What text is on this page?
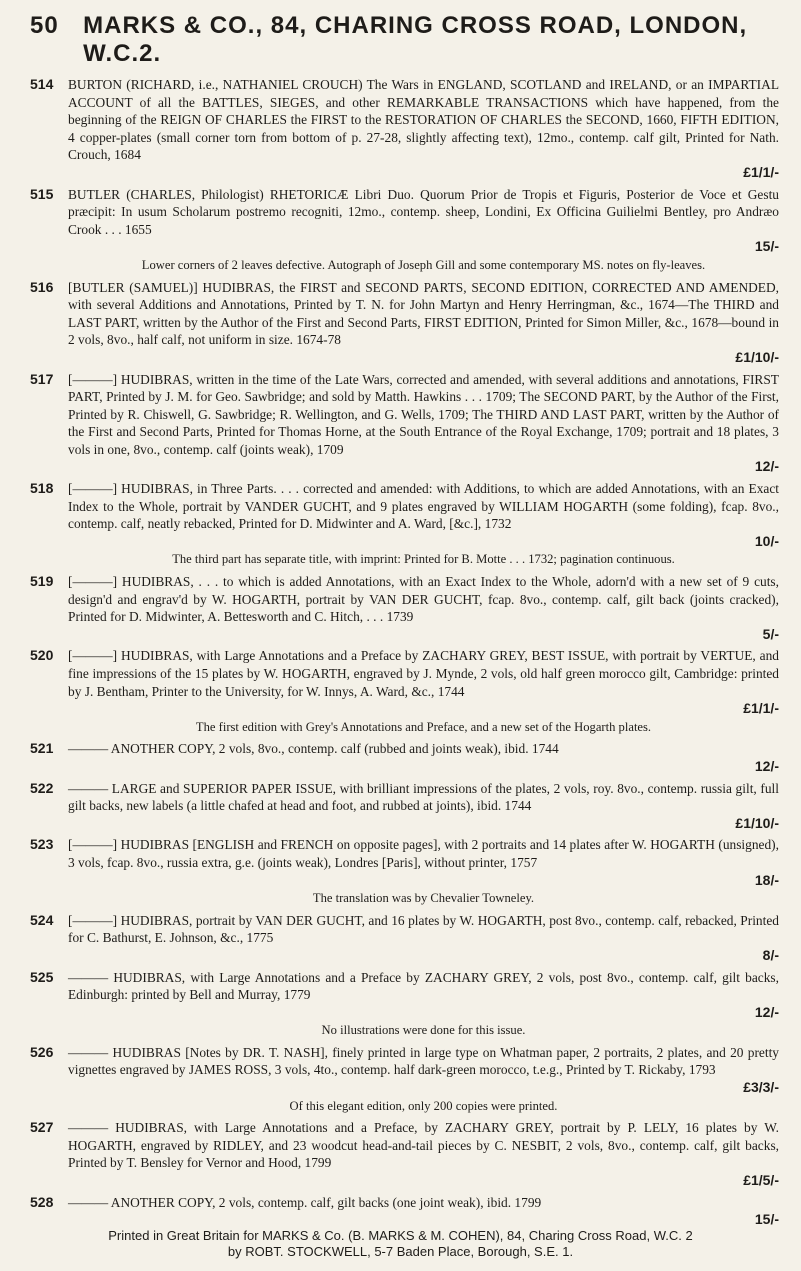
50	MARKS & CO., 84, CHARING CROSS ROAD, LONDON, W.C.2.
514 BURTON (RICHARD, i.e., NATHANIEL CROUCH) The Wars in ENGLAND, SCOTLAND and IRELAND, or an IMPARTIAL ACCOUNT of all the BATTLES, SIEGES, and other REMARKABLE TRANSACTIONS which have happened, from the beginning of the REIGN OF CHARLES the FIRST to the RESTORATION OF CHARLES the SECOND, 1660, FIFTH EDITION, 4 copper-plates (small corner torn from bottom of p. 27-28, slightly affecting text), 12mo., contemp. calf gilt, Printed for Nath. Crouch, 1684
£1/1/-
515 BUTLER (CHARLES, Philologist) RHETORICÆ Libri Duo. Quorum Prior de Tropis et Figuris, Posterior de Voce et Gestu præcipit: In usum Scholarum postremo recogniti, 12mo., contemp. sheep, Londini, Ex Officina Guilielmi Bentley, pro Andræo Crook . . . 1655
15/-
Lower corners of 2 leaves defective. Autograph of Joseph Gill and some contemporary MS. notes on fly-leaves.
516 [BUTLER (SAMUEL)] HUDIBRAS, the FIRST and SECOND PARTS, SECOND EDITION, CORRECTED AND AMENDED, with several Additions and Annotations, Printed by T. N. for John Martyn and Henry Herringman, &c., 1674—The THIRD and LAST PART, written by the Author of the First and Second Parts, FIRST EDITION, Printed for Simon Miller, &c., 1678—bound in 2 vols, 8vo., half calf, not uniform in size. 1674-78
£1/10/-
517 [———] HUDIBRAS, written in the time of the Late Wars, corrected and amended, with several additions and annotations, FIRST PART, Printed by J. M. for Geo. Sawbridge; and sold by Matth. Hawkins . . . 1709; The SECOND PART, by the Author of the First, Printed by R. Chiswell, G. Sawbridge; R. Wellington, and G. Wells, 1709; The THIRD AND LAST PART, written by the Author of the First and Second Parts, Printed for Thomas Horne, at the South Entrance of the Royal Exchange, 1709; portrait and 18 plates, 3 vols in one, 8vo., contemp. calf (joints weak), 1709
12/-
518 [———] HUDIBRAS, in Three Parts. . . . corrected and amended: with Additions, to which are added Annotations, with an Exact Index to the Whole, portrait by VANDER GUCHT, and 9 plates engraved by WILLIAM HOGARTH (some folding), fcap. 8vo., contemp. calf, neatly rebacked, Printed for D. Midwinter and A. Ward, [&c.], 1732
10/-
The third part has separate title, with imprint: Printed for B. Motte . . . 1732; pagination continuous.
519 [———] HUDIBRAS, . . . to which is added Annotations, with an Exact Index to the Whole, adorn'd with a new set of 9 cuts, design'd and engrav'd by W. HOGARTH, portrait by VAN DER GUCHT, fcap. 8vo., contemp. calf, gilt back (joints cracked), Printed for D. Midwinter, A. Bettesworth and C. Hitch, . . . 1739
5/-
520 [———] HUDIBRAS, with Large Annotations and a Preface by ZACHARY GREY, BEST ISSUE, with portrait by VERTUE, and fine impressions of the 15 plates by W. HOGARTH, engraved by J. Mynde, 2 vols, old half green morocco gilt, Cambridge: printed by J. Bentham, Printer to the University, for W. Innys, A. Ward, &c., 1744
£1/1/-
The first edition with Grey's Annotations and Preface, and a new set of the Hogarth plates.
521 ——— ANOTHER COPY, 2 vols, 8vo., contemp. calf (rubbed and joints weak), ibid. 1744
12/-
522 ——— LARGE and SUPERIOR PAPER ISSUE, with brilliant impressions of the plates, 2 vols, roy. 8vo., contemp. russia gilt, full gilt backs, new labels (a little chafed at head and foot, and rubbed at joints), ibid. 1744
£1/10/-
523 [———] HUDIBRAS [ENGLISH and FRENCH on opposite pages], with 2 portraits and 14 plates after W. HOGARTH (unsigned), 3 vols, fcap. 8vo., russia extra, g.e. (joints weak), Londres [Paris], without printer, 1757
18/-
The translation was by Chevalier Towneley.
524 [———] HUDIBRAS, portrait by VAN DER GUCHT, and 16 plates by W. HOGARTH, post 8vo., contemp. calf, rebacked, Printed for C. Bathurst, E. Johnson, &c., 1775
8/-
525 ——— HUDIBRAS, with Large Annotations and a Preface by ZACHARY GREY, 2 vols, post 8vo., contemp. calf, gilt backs, Edinburgh: printed by Bell and Murray, 1779
12/-
No illustrations were done for this issue.
526 ——— HUDIBRAS [Notes by DR. T. NASH], finely printed in large type on Whatman paper, 2 portraits, 2 plates, and 20 pretty vignettes engraved by JAMES ROSS, 3 vols, 4to., contemp. half dark-green morocco, t.e.g., Printed by T. Rickaby, 1793
£3/3/-
Of this elegant edition, only 200 copies were printed.
527 ——— HUDIBRAS, with Large Annotations and a Preface, by ZACHARY GREY, portrait by P. LELY, 16 plates by W. HOGARTH, engraved by RIDLEY, and 23 woodcut head-and-tail pieces by C. NESBIT, 2 vols, 8vo., contemp. calf, gilt backs, Printed by T. Bensley for Vernor and Hood, 1799
£1/5/-
528 ——— ANOTHER COPY, 2 vols, contemp. calf, gilt backs (one joint weak), ibid. 1799
15/-
Printed in Great Britain for MARKS & Co. (B. MARKS & M. COHEN), 84, Charing Cross Road, W.C. 2
by ROBT. STOCKWELL, 5-7 Baden Place, Borough, S.E. 1.
